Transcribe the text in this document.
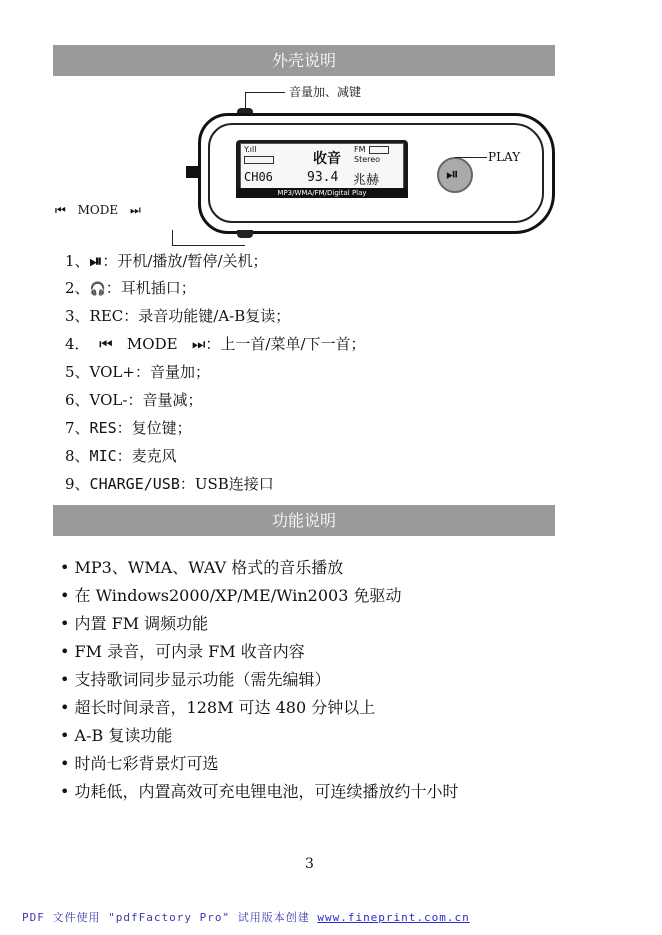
外壳说明
音量加、减键
⏮ MODE ⏭
Y.ıll
收音
FM
Stereo
CH06	93.4 兆赫
MP3/WMA/FM/Digital Play
⏯
PLAY
1、⏯：开机/播放/暂停/关机；
2、🎧：耳机插口；
3、REC：录音功能键/A-B复读；
4． ⏮ MODE ⏭：上一首/菜单/下一首；
5、VOL+：音量加；
6、VOL-：音量减；
7、RES：复位键；
8、MIC：麦克风
9、CHARGE/USB：USB连接口
功能说明
• MP3、WMA、WAV 格式的音乐播放
• 在 Windows2000/XP/ME/Win2003 免驱动
• 内置 FM 调频功能
• FM 录音，可内录 FM 收音内容
• 支持歌词同步显示功能（需先编辑）
• 超长时间录音，128M 可达 480 分钟以上
• A-B 复读功能
• 时尚七彩背景灯可选
• 功耗低，内置高效可充电锂电池，可连续播放约十小时
3
PDF 文件使用 "pdfFactory Pro" 试用版本创建 www.fineprint.com.cn
